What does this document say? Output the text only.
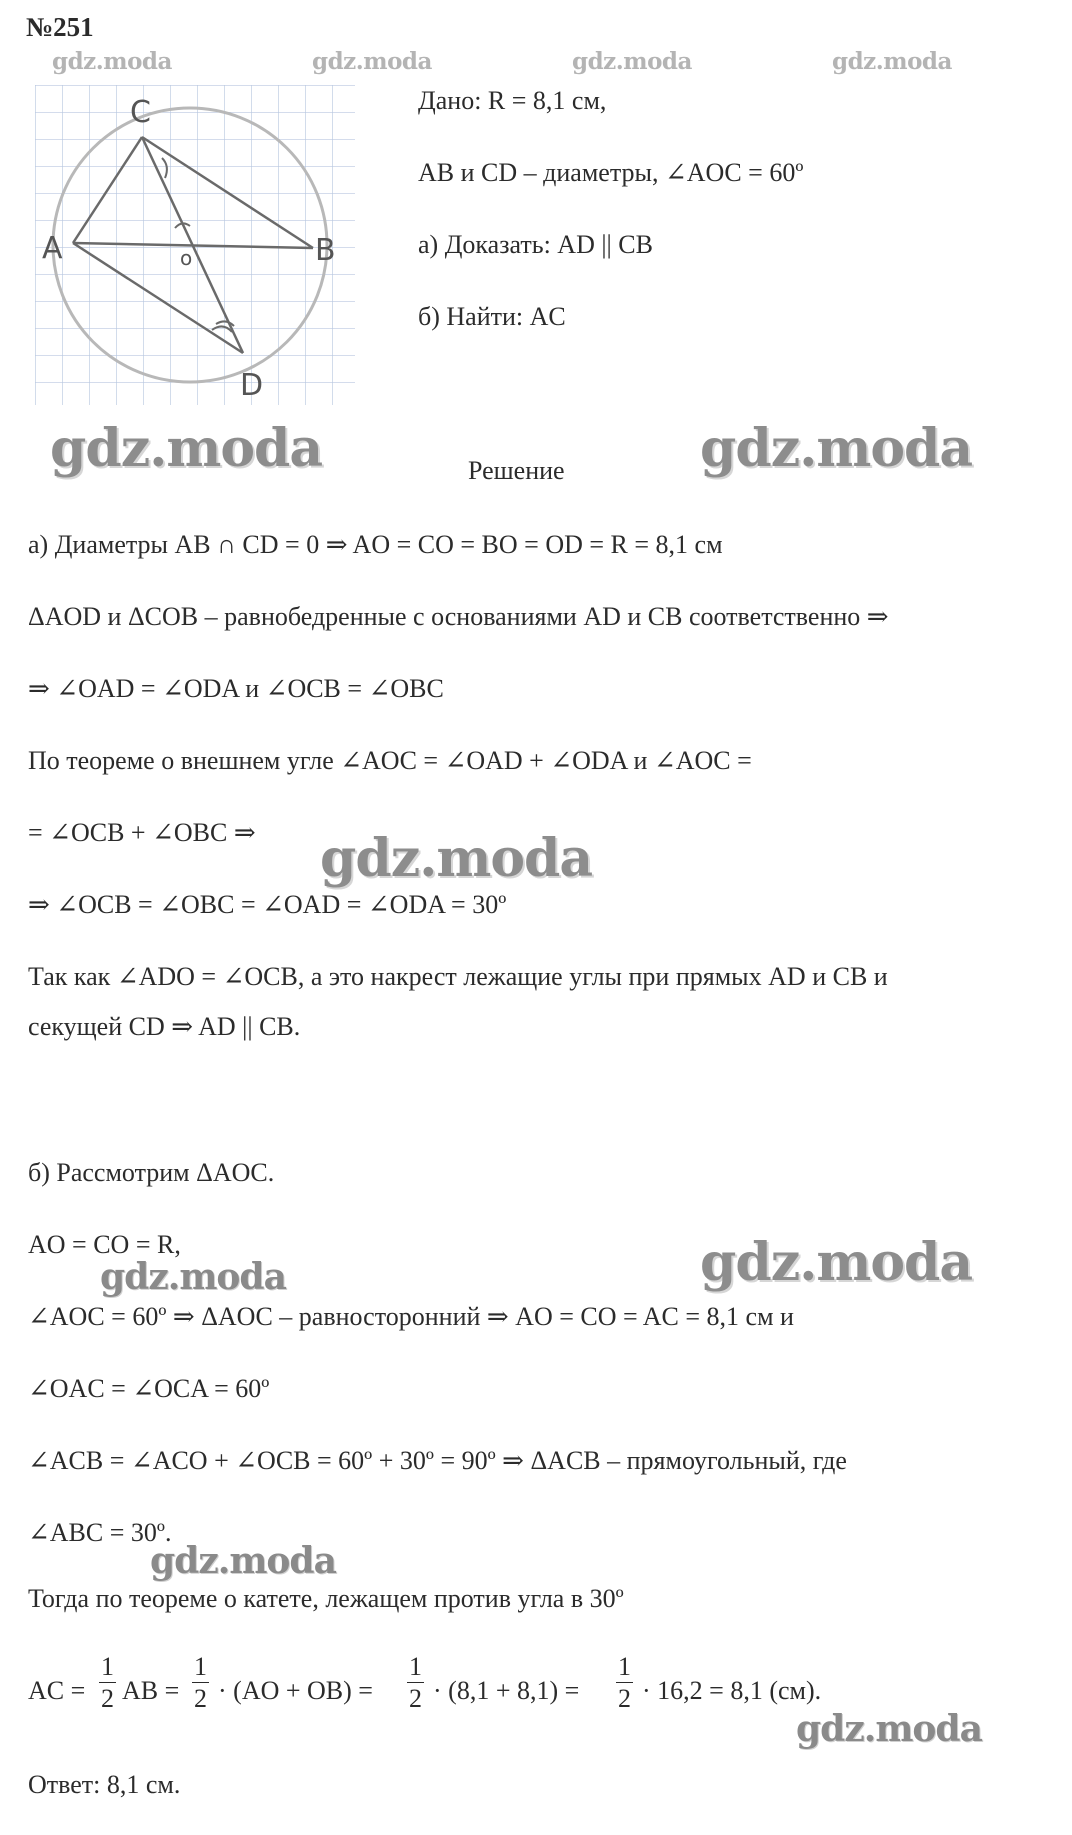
№251
gdz.moda	gdz.moda	gdz.moda	gdz.moda
C
A	B
D
o
Дано: R = 8,1 см,
AB и CD – диаметры, ∠AOC = 60º
а) Доказать: AD || CB
б) Найти: AC
gdz.moda	gdz.moda
Решение
а) Диаметры AB ∩ CD = 0 ⇒ AO = CO = BO = OD = R = 8,1 см
ΔAOD и ΔCOB – равнобедренные с основаниями AD и CB соответственно ⇒
⇒ ∠OAD = ∠ODA и ∠OCB = ∠OBC
По теореме о внешнем угле ∠AOC = ∠OAD + ∠ODA и ∠AOC =
= ∠OCB + ∠OBC ⇒ gdz.moda
⇒ ∠OCB = ∠OBC = ∠OAD = ∠ODA = 30º
Так как ∠ADO = ∠OCB, а это накрест лежащие углы при прямых AD и CB и
секущей CD ⇒ AD || CB.
б) Рассмотрим ΔAOC.
AO = CO = R,	gdz.moda
gdz.moda
∠AOC = 60º ⇒ ΔAOC – равносторонний ⇒ AO = CO = AC = 8,1 см и
∠OAC = ∠OCA = 60º
∠ACB = ∠ACO + ∠OCB = 60º + 30º = 90º ⇒ ΔACB – прямоугольный, где
∠ABC = 30º.
gdz.moda
Тогда по теореме о катете, лежащем против угла в 30º
AC = $\frac{1}{2}$ AB = $\frac{1}{2} \cdot (AO + OB) = \frac{1}{2} \cdot (8,1 + 8,1) = \frac{1}{2} \cdot 16,2 = 8,1$ (см).
gdz.moda
Ответ: 8,1 см.
